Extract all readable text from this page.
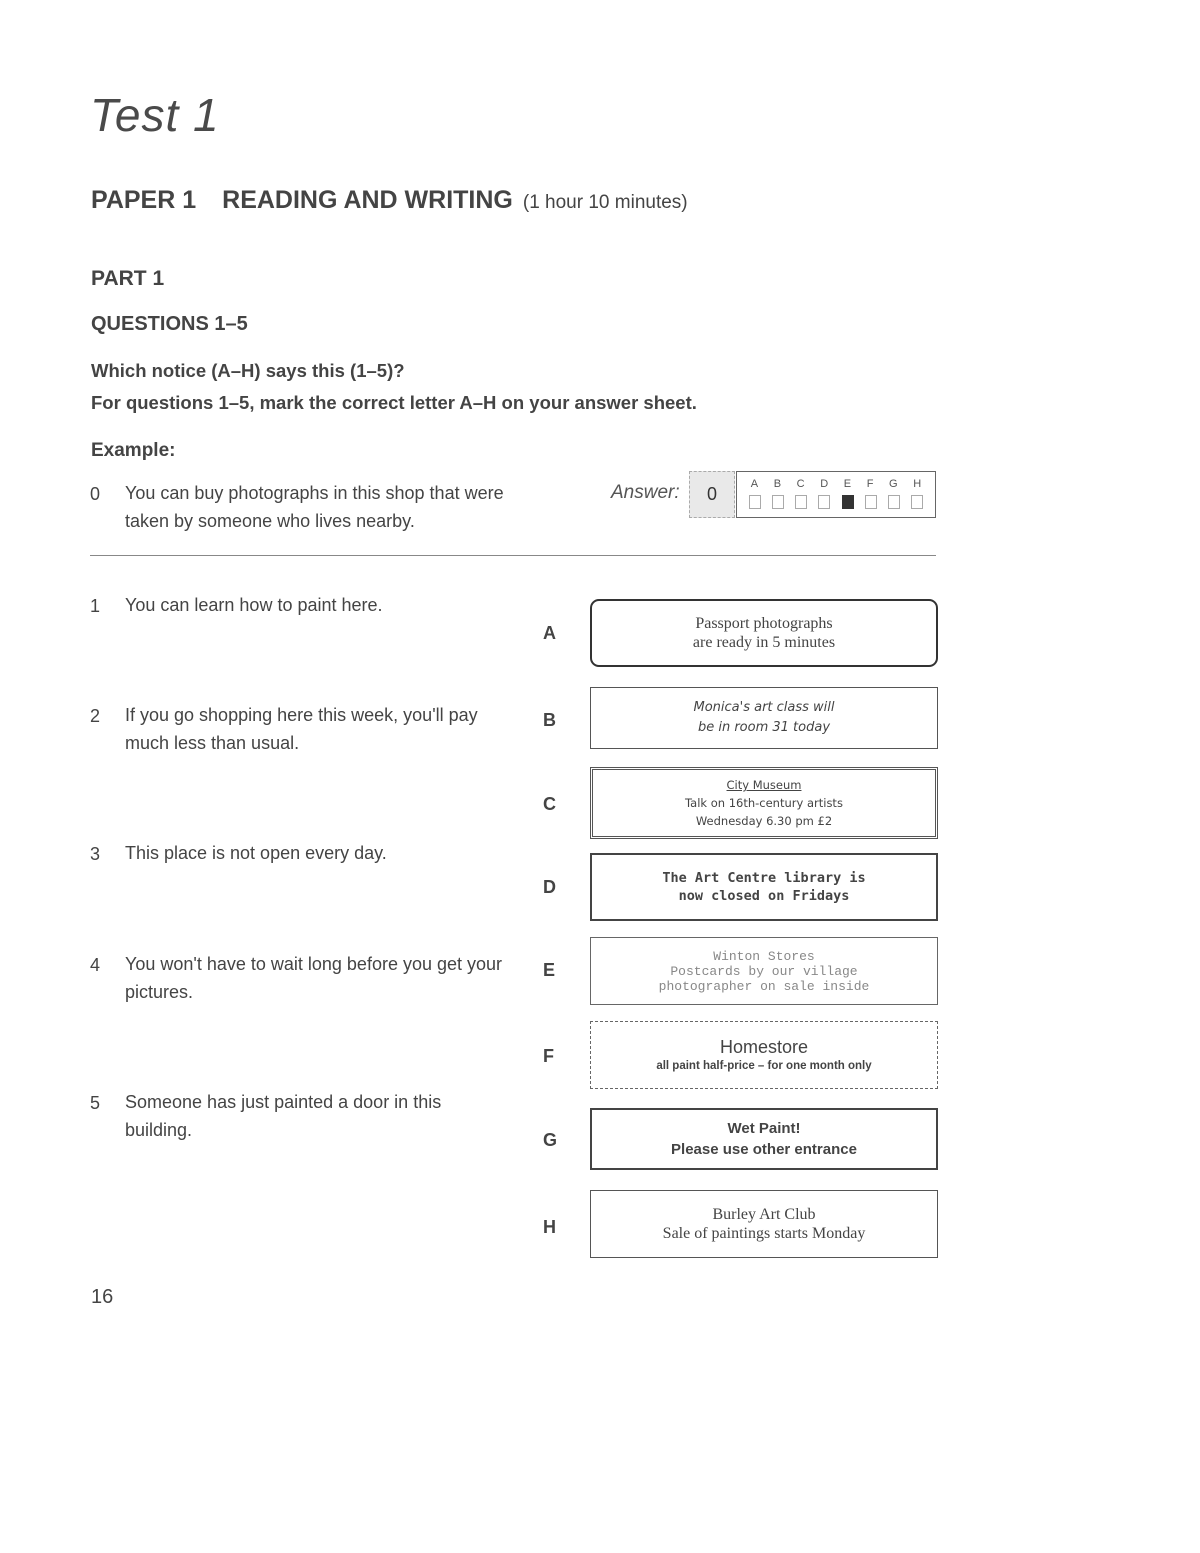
Test 1
PAPER 1 READING AND WRITING (1 hour 10 minutes)
PART 1
QUESTIONS 1–5
Which notice (A–H) says this (1–5)?
For questions 1–5, mark the correct letter A–H on your answer sheet.
Example:
0 You can buy photographs in this shop that were taken by someone who lives nearby.
Answer:	0	A B C D E F G H
1 You can learn how to paint here.
2 If you go shopping here this week, you'll pay much less than usual.
3 This place is not open every day.
4 You won't have to wait long before you get your pictures.
5 Someone has just painted a door in this building.
A
B
C
D
E
F
G
H
Passport photographs
are ready in 5 minutes
Monica's art class will
be in room 31 today
City Museum
Talk on 16th-century artists
Wednesday 6.30 pm £2
The Art Centre library is
now closed on Fridays
Winton Stores
Postcards by our village
photographer on sale inside
Homestore
all paint half-price – for one month only
Wet Paint!
Please use other entrance
Burley Art Club
Sale of paintings starts Monday
16
